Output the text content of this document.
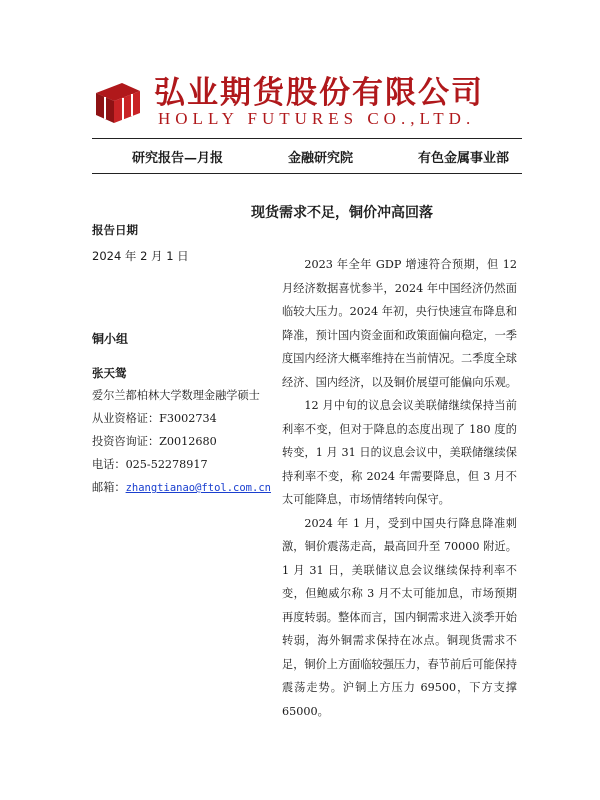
弘业期货股份有限公司
HOLLY FUTURES CO.,LTD.
研究报告—月报	金融研究院	有色金属事业部
现货需求不足，铜价冲高回落
报告日期
2024 年 2 月 1 日
铜小组
张天鸳
爱尔兰都柏林大学数理金融学硕士
从业资格证：F3002734
投资咨询证：Z0012680
电话：025-52278917
邮箱：zhangtianao@ftol.com.cn

2023 年全年 GDP 增速符合预期，但 12 月经济数据喜忧参半，2024 年中国经济仍然面临较大压力。2024 年初，央行快速宣布降息和降准，预计国内资金面和政策面偏向稳定，一季度国内经济大概率维持在当前情况。二季度全球经济、国内经济，以及铜价展望可能偏向乐观。

12 月中旬的议息会议美联储继续保持当前利率不变，但对于降息的态度出现了 180 度的转变，1 月 31 日的议息会议中，美联储继续保持利率不变，称 2024 年需要降息，但 3 月不太可能降息，市场情绪转向保守。

2024 年 1 月，受到中国央行降息降准刺激，铜价震荡走高，最高回升至 70000 附近。1 月 31 日，美联储议息会议继续保持利率不变，但鲍威尔称 3 月不太可能加息，市场预期再度转弱。整体而言，国内铜需求进入淡季开始转弱，海外铜需求保持在冰点。铜现货需求不足，铜价上方面临较强压力，春节前后可能保持震荡走势。沪铜上方压力 69500，下方支撑 65000。
